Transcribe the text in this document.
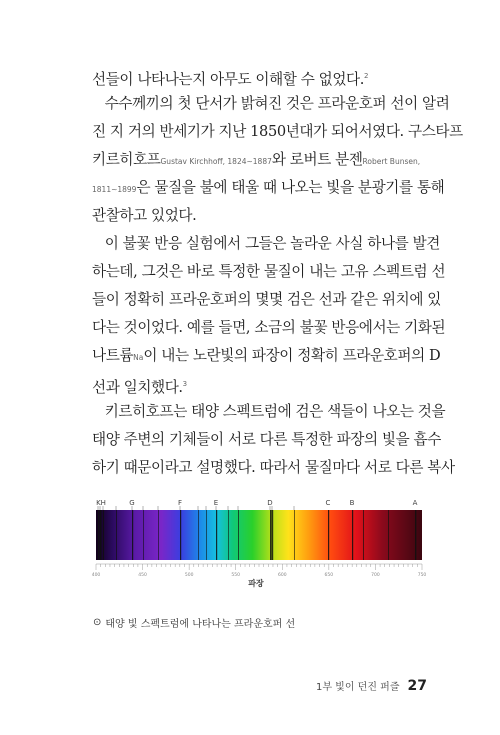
선들이 나타나는지 아무도 이해할 수 없었다.$^2$
수수께끼의 첫 단서가 밝혀진 것은 프라운호퍼 선이 알려
진 지 거의 반세기가 지난 1850년대가 되어서였다. 구스타프
키르히호프Gustav Kirchhoff, 1824~1887와 로버트 분젠Robert Bunsen,
1811~1899은 물질을 불에 태울 때 나오는 빛을 분광기를 통해
관찰하고 있었다.
이 불꽃 반응 실험에서 그들은 놀라운 사실 하나를 발견
하는데, 그것은 바로 특정한 물질이 내는 고유 스펙트럼 선
들이 정확히 프라운호퍼의 몇몇 검은 선과 같은 위치에 있
다는 것이었다. 예를 들면, 소금의 불꽃 반응에서는 기화된
나트륨Na이 내는 노란빛의 파장이 정확히 프라운호퍼의 D
선과 일치했다.$^3$
키르히호프는 태양 스펙트럼에 검은 색들이 나오는 것을
태양 주변의 기체들이 서로 다른 특정한 파장의 빛을 흡수
하기 때문이라고 설명했다. 따라서 물질마다 서로 다른 복사
KH	G	F	E	D	C	B	A
400	450	500	550	600	650	700	750
파장
⊙ 태양 빛 스펙트럼에 나타나는 프라운호퍼 선
1부 빛이 던진 퍼즐 27
